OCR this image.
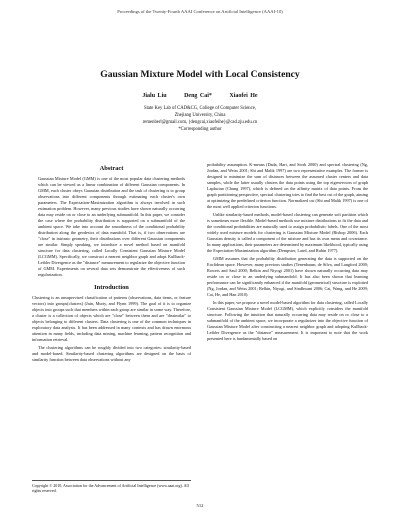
Proceedings of the Twenty-Fourth AAAI Conference on Artificial Intelligence (AAAI-10)
Gaussian Mixture Model with Local Consistency
Jialu Liu	Deng Cai*	Xiaofei He
State Key Lab of CAD&CG, College of Computer Science,
Zhejiang University, China
remenberl@gmail.com, {dengcai,xiaofeihe}@cad.zju.edu.cn
*Corresponding author
Abstract

Gaussian Mixture Model (GMM) is one of the most popular data clustering methods which can be viewed as a linear combination of different Gaussian components. In GMM, each cluster obeys Gaussian distribution and the task of clustering is to group observations into different components through estimating each cluster's own parameters. The Expectation-Maximization algorithm is always involved in such estimation problem. However, many previous studies have shown naturally occurring data may reside on or close to an underlying submanifold. In this paper, we consider the case where the probability distribution is supported on a submanifold of the ambient space. We take into account the smoothness of the conditional probability distribution along the geodesics of data manifold. That is, if two observations are "close" in intrinsic geometry, their distributions over different Gaussian components are similar. Simply speaking, we introduce a novel method based on manifold structure for data clustering, called Locally Consistent Gaussian Mixture Model (LCGMM). Specifically, we construct a nearest neighbor graph and adopt Kullback-Leibler Divergence as the "distance" measurement to regularize the objective function of GMM. Experiments on several data sets demonstrate the effectiveness of such regularization.

Introduction

Clustering is an unsupervised classification of patterns (observations, data items, or feature vectors) into groups(clusters) (Jain, Murty, and Flynn 1999). The goal of it is to organize objects into groups such that members within each group are similar in some way. Therefore, a cluster is a collection of objects which are "close" between them and are "dissimilar" to objects belonging to different clusters. Data clustering is one of the common techniques in exploratory data analysis. It has been addressed in many contexts and has drawn enormous attention in many fields, including data mining, machine learning, pattern recognition and information retrieval.

The clustering algorithms can be roughly divided into two categories: similarity-based and model-based. Similarity-based clustering algorithms are designed on the basis of similarity function between data observations without any

Copyright © 2010, Association for the Advancement of Artificial Intelligence (www.aaai.org). All rights reserved.

probability assumption. K-means (Dada, Hart, and Stork 2000) and spectral clustering (Ng, Jordan, and Weiss 2001; Shi and Malik 1997) are two representative examples. The former is designed to minimize the sum of distances between the assumed cluster centers and data samples, while the latter usually clusters the data points using the top eigenvectors of graph Laplacian (Chung 1997), which is defined on the affinity matrix of data points. From the graph partitioning perspective, spectral clustering tries to find the best cut of the graph, aiming at optimizing the predefined criterion function. Normalized cut (Shi and Malik 1997) is one of the most well applied criterion functions.

Unlike similarity-based methods, model-based clustering can generate soft partition which is sometimes more flexible. Model-based methods use mixture distributions to fit the data and the conditional probabilities are naturally used to assign probabilistic labels. One of the most widely used mixture models for clustering is Gaussian Mixture Model (Bishop 2006). Each Gaussian density is called a component of the mixture and has its own mean and covariance. In many applications, their parameters are determined by maximum likelihood, typically using the Expectation-Maximization algorithm (Dempster, Laird, and Rubin 1977).

GMM assumes that the probability distribution generating the data is supported on the Euclidean space. However, many previous studies (Tenenbaum, de Silva, and Langford 2000; Roweis and Saul 2000; Belkin and Niyogi 2001) have shown naturally occurring data may reside on or close to an underlying submanifold. It has also been shown that learning performance can be significantly enhanced if the manifold (geometrical) structure is exploited (Ng, Jordan, and Weiss 2001; Belkin, Niyogi, and Sindhwani 2006; Cai, Wang, and He 2009; Cai, He, and Han 2010).

In this paper, we propose a novel model-based algorithm for data clustering, called Locally Consistent Gaussian Mixture Model (LCGMM), which explicitly considers the manifold structure. Following the intuition that naturally occurring data may reside on or close to a submanifold of the ambient space, we incorporate a regularizer into the objective function of Gaussian Mixture Model after constructing a nearest neighbor graph and adopting Kullback-Leibler Divergence as the "distance" measurement. It is important to note that the work presented here is fundamentally based on

512
